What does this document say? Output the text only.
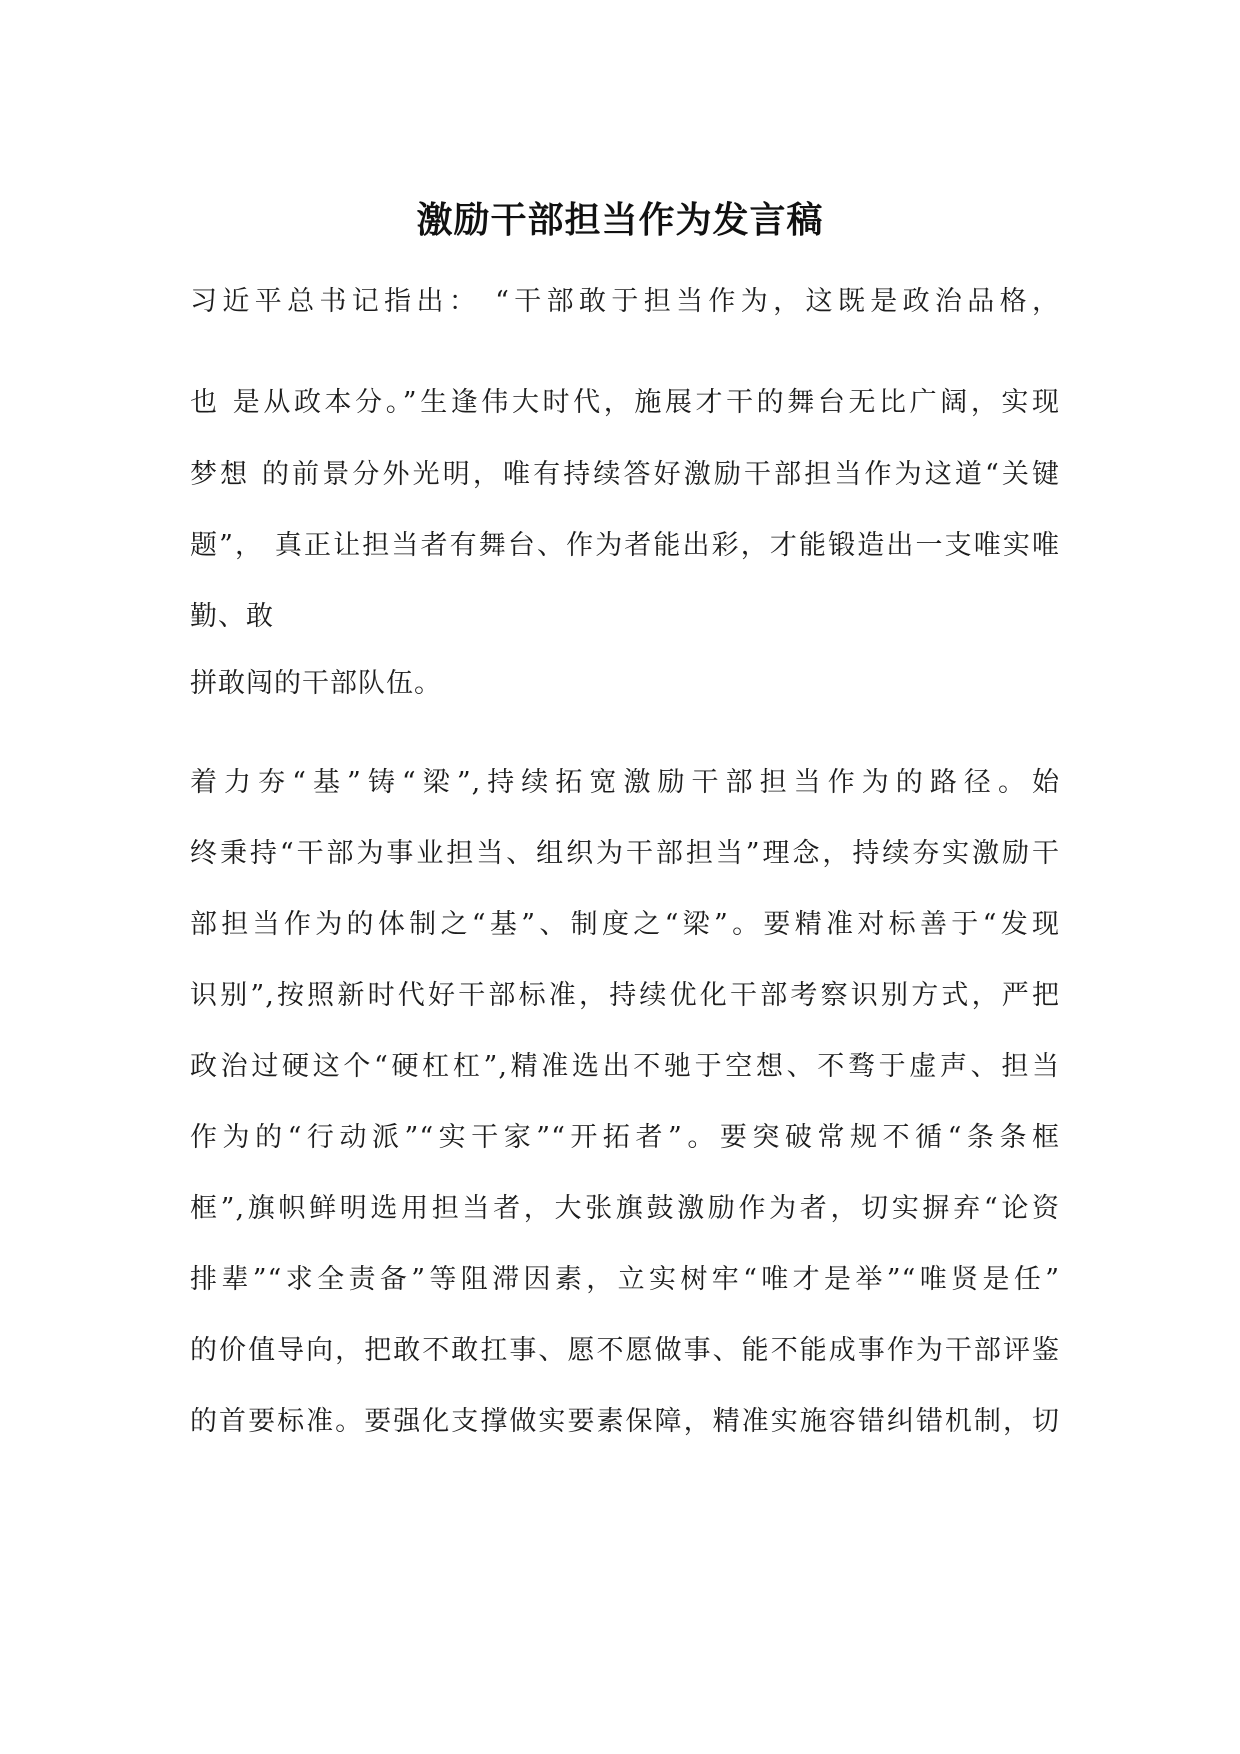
激励干部担当作为发言稿
习近平总书记指出： “干部敢于担当作为，这既是政治品格，
也 是从政本分。”生逢伟大时代，施展才干的舞台无比广阔，实现
梦想 的前景分外光明，唯有持续答好激励干部担当作为这道“关键
题”， 真正让担当者有舞台、作为者能出彩，才能锻造出一支唯实唯
勤、敢
拼敢闯的干部队伍。
着力夯“基”铸“梁”,持续拓宽激励干部担当作为的路径。始
终秉持“干部为事业担当、组织为干部担当”理念，持续夯实激励干
部担当作为的体制之“基”、制度之“梁”。要精准对标善于“发现
识别”,按照新时代好干部标准，持续优化干部考察识别方式，严把
政治过硬这个“硬杠杠”,精准选出不驰于空想、不骛于虚声、担当
作为的“行动派”“实干家”“开拓者”。要突破常规不循“条条框
框”,旗帜鲜明选用担当者，大张旗鼓激励作为者，切实摒弃“论资
排辈”“求全责备”等阻滞因素，立实树牢“唯才是举”“唯贤是任”
的价值导向，把敢不敢扛事、愿不愿做事、能不能成事作为干部评鉴
的首要标准。要强化支撑做实要素保障，精准实施容错纠错机制，切
